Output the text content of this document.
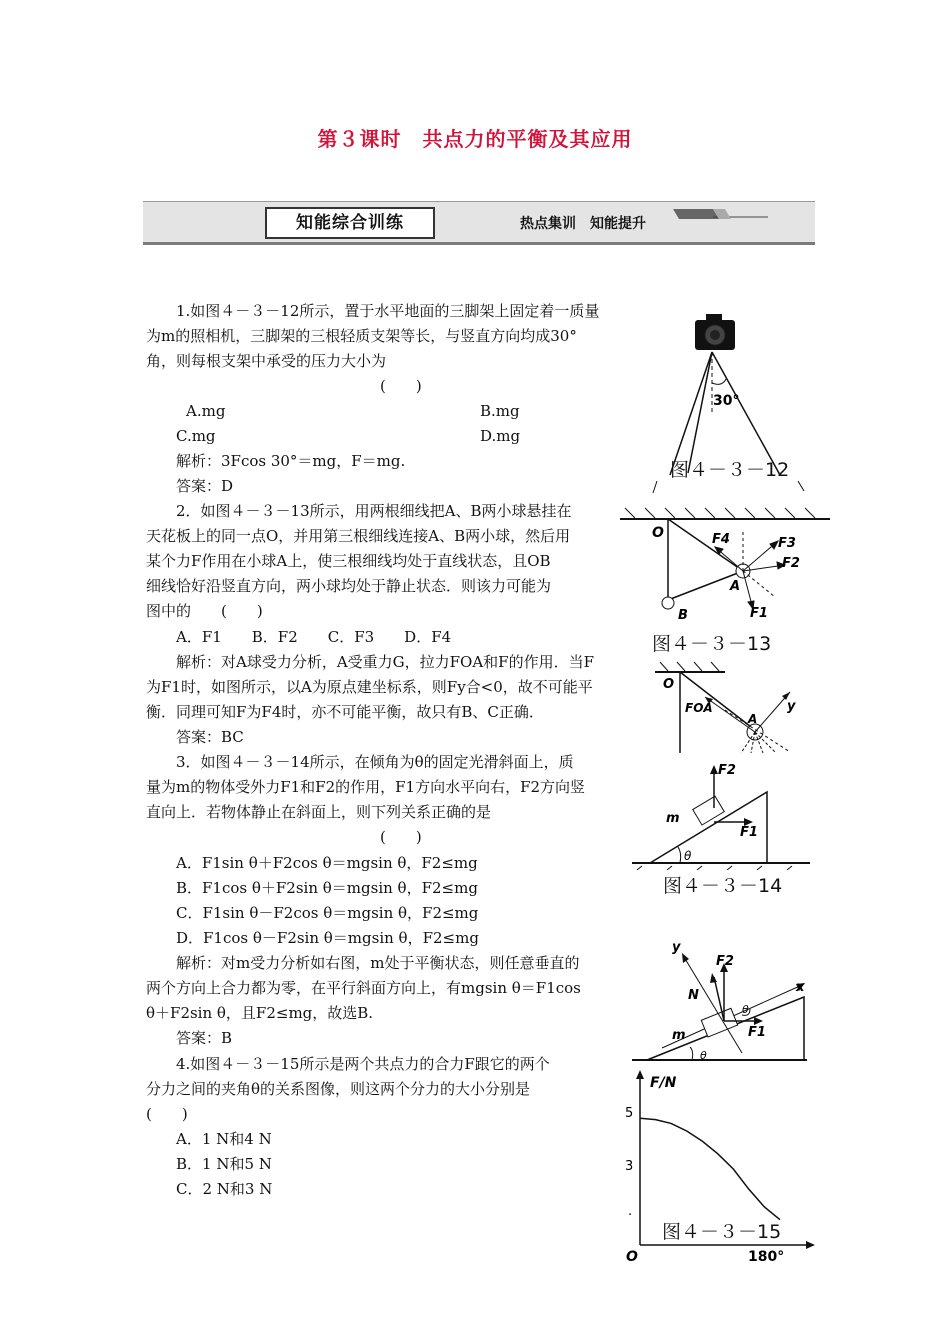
第３课时　共点力的平衡及其应用
知能综合训练	热点集训　知能提升
1.如图４－３－12所示，置于水平地面的三脚架上固定着一质量
为m的照相机，三脚架的三根轻质支架等长，与竖直方向均成30°
角，则每根支架中承受的压力大小为
(　　)
A.mg	B.mg
C.mg	D.mg
解析：3Fcos 30°＝mg，F＝mg.
答案：D
2．如图４－３－13所示，用两根细线把A、B两小球悬挂在
天花板上的同一点O，并用第三根细线连接A、B两小球，然后用
某个力F作用在小球A上，使三根细线均处于直线状态，且OB
细线恰好沿竖直方向，两小球均处于静止状态．则该力可能为
图中的　　(　　)
A．F1　　B．F2　　C．F3　　D．F4
解析：对A球受力分析，A受重力G，拉力FOA和F的作用．当F
为F1时，如图所示，以A为原点建坐标系，则Fy合<0，故不可能平
衡．同理可知F为F4时，亦不可能平衡，故只有B、C正确．
答案：BC
3．如图４－３－14所示，在倾角为θ的固定光滑斜面上，质
量为m的物体受外力F1和F2的作用，F1方向水平向右，F2方向竖
直向上．若物体静止在斜面上，则下列关系正确的是
(　　)
A．F1sin θ＋F2cos θ＝mgsin θ，F2≤mg
B．F1cos θ＋F2sin θ＝mgsin θ，F2≤mg
C．F1sin θ－F2cos θ＝mgsin θ，F2≤mg
D．F1cos θ－F2sin θ＝mgsin θ，F2≤mg
解析：对m受力分析如右图，m处于平衡状态，则任意垂直的
两个方向上合力都为零，在平行斜面方向上，有mgsin θ＝F1cos
θ＋F2sin θ，且F2≤mg，故选B.
答案：B
4.如图４－３－15所示是两个共点力的合力F跟它的两个
分力之间的夹角θ的关系图像，则这两个分力的大小分别是
(　　)
A．1 N和4 N
B．1 N和5 N
C．2 N和3 N
30°
图４－３－12
O
A
B
F4	F3
F2
F1
图４－３－13
O
FOA
A
y
F2
F1
m
θ
图４－３－14
y
x
F2
N
m	F1
θ
θ
F/N
5
3
.
O	180°
图４－３－15
